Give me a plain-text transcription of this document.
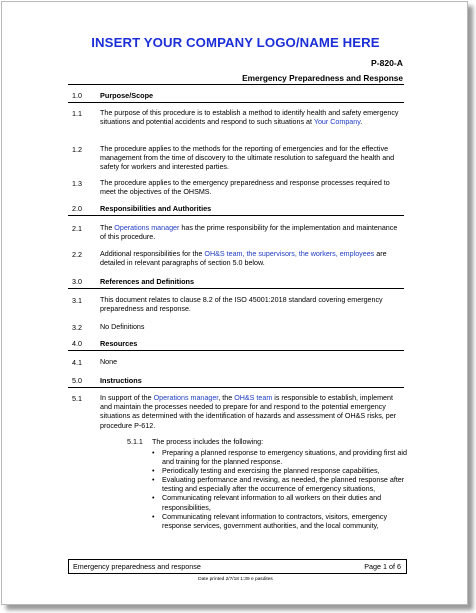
INSERT YOUR COMPANY LOGO/NAME HERE
P-820-A
Emergency Preparedness and Response
1.0 Purpose/Scope
1.1	The purpose of this procedure is to establish a method to identify health and safety emergency situations and potential accidents and respond to such situations at Your Company.
1.2	The procedure applies to the methods for the reporting of emergencies and for the effective management from the time of discovery to the ultimate resolution to safeguard the health and safety for workers and interested parties.
1.3	The procedure applies to the emergency preparedness and response processes required to meet the objectives of the OHSMS.
2.0 Responsibilities and Authorities
2.1	The Operations manager has the prime responsibility for the implementation and maintenance of this procedure.
2.2	Additional responsibilities for the OH&S team, the supervisors, the workers, employees are detailed in relevant paragraphs of section 5.0 below.
3.0 References and Definitions
3.1	This document relates to clause 8.2 of the ISO 45001:2018 standard covering emergency preparedness and response.
3.2	No Definitions
4.0 Resources
4.1	None
5.0 Instructions
5.1	In support of the Operations manager, the OH&S team is responsible to establish, implement and maintain the processes needed to prepare for and respond to the potential emergency situations as determined with the identification of hazards and assessment of OH&S risks, per procedure P-612.
5.1.1 The process includes the following:
• Preparing a planned response to emergency situations, and providing first aid and training for the planned response.
• Periodically testing and exercising the planned response capabilities,
• Evaluating performance and revising, as needed, the planned response after testing and especially after the occurrence of emergency situations,
• Communicating relevant information to all workers on their duties and responsibilities,
• Communicating relevant information to contractors, visitors, emergency response services, government authorities, and the local community,
Emergency preparedness and response	Page 1 of 6
Date printed 2/7/18 1:39 e pasdites
